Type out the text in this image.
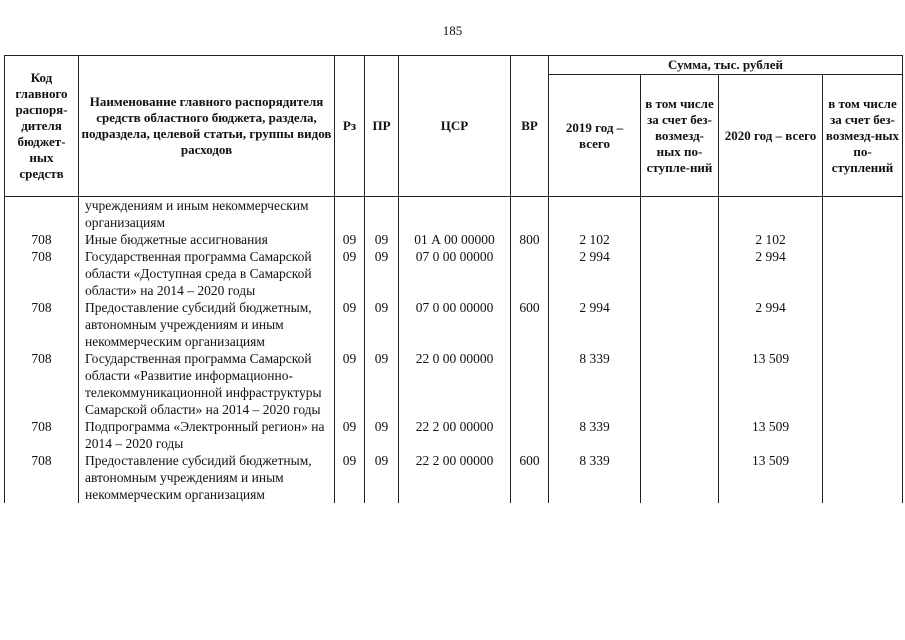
185
Код главного распоря-дителя бюджет-ных средств	Наименование главного распорядителя средств областного бюджета, раздела, подраздела, целевой статьи, группы видов расходов	Рз	ПР	ЦСР	ВР	Сумма, тыс. рублей			
						2019 год – всего	в том числе за счет без-возмезд-ных по-ступле-ний	2020 год – всего	в том числе за счет без-возмезд-ных по-ступлений
	учреждениям и иным некоммерческим организациям								
708	Иные бюджетные ассигнования	09	09	01 А 00 00000	800	2 102		2 102	
708	Государственная программа Самарской области «Доступная среда в Самарской области» на 2014 – 2020 годы	09	09	07 0 00 00000		2 994		2 994	
708	Предоставление субсидий бюджетным, автономным учреждениям и иным некоммерческим организациям	09	09	07 0 00 00000	600	2 994		2 994	
708	Государственная программа Самарской области «Развитие информационно-телекоммуникационной инфраструктуры Самарской области» на 2014 – 2020 годы	09	09	22 0 00 00000		8 339		13 509	
708	Подпрограмма «Электронный регион» на 2014 – 2020 годы	09	09	22 2 00 00000		8 339		13 509	
708	Предоставление субсидий бюджетным, автономным учреждениям и иным некоммерческим организациям	09	09	22 2 00 00000	600	8 339		13 509	
